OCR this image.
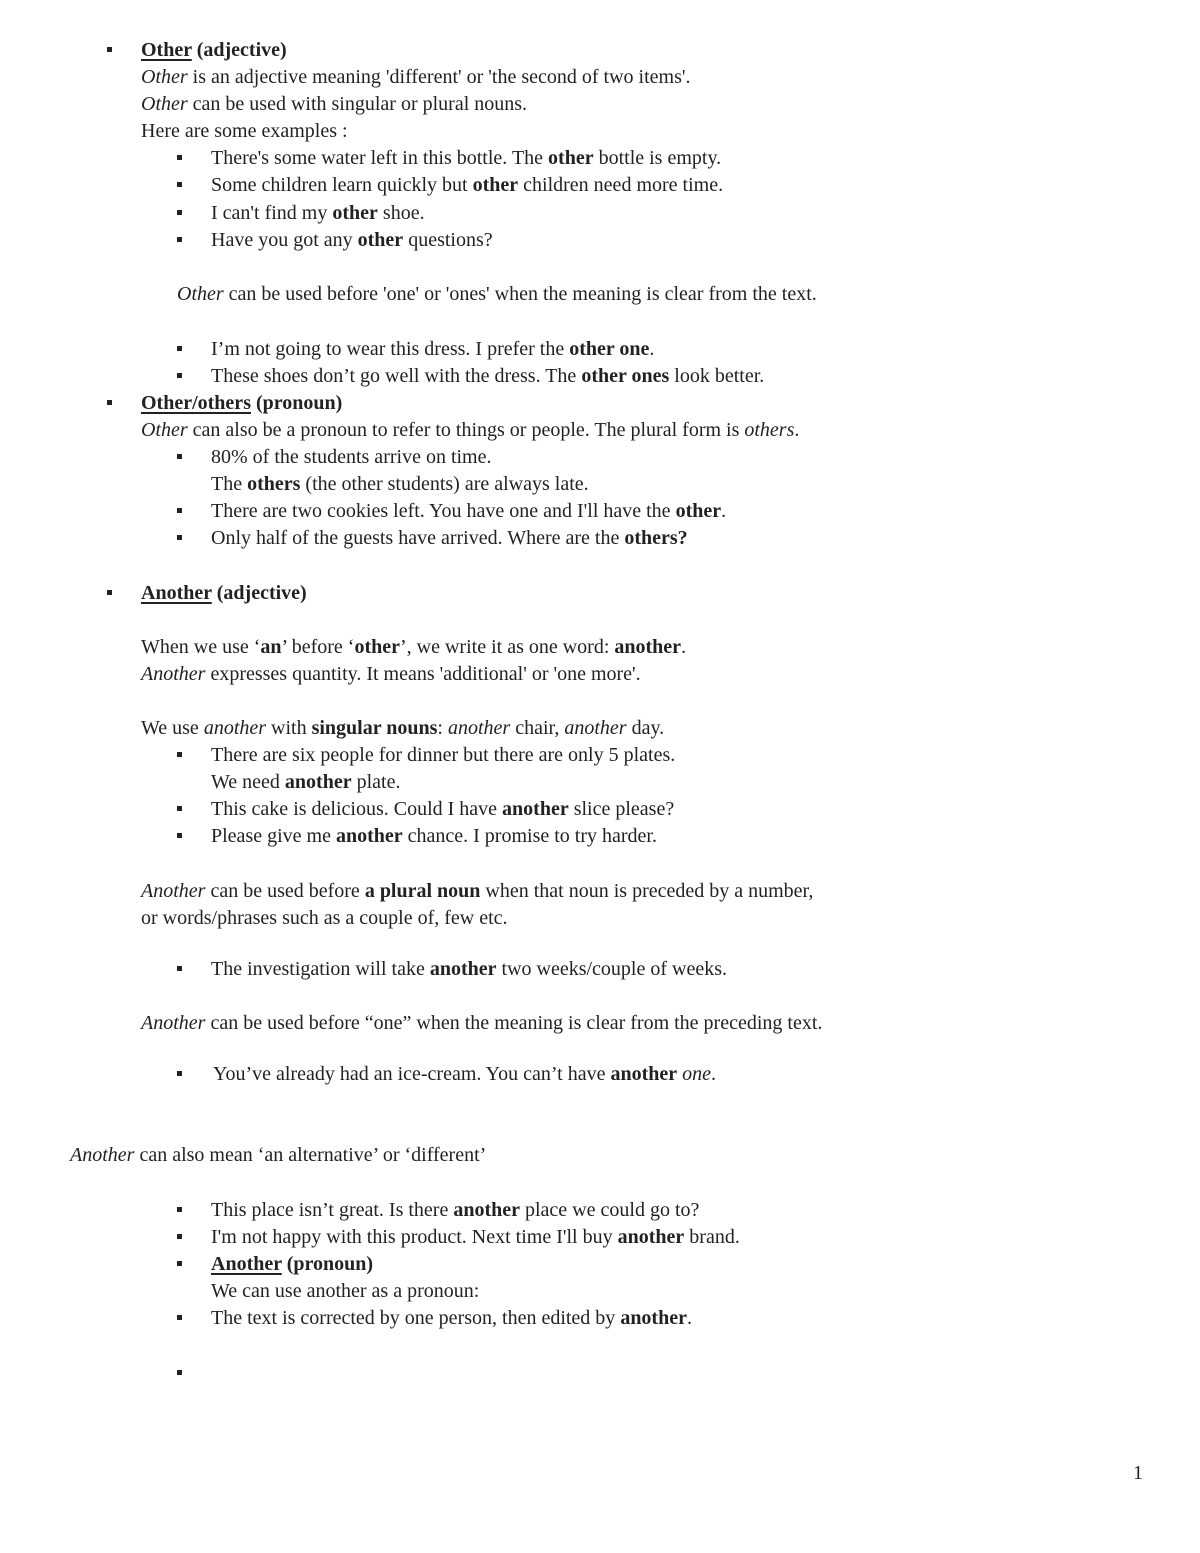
Other (adjective)
Other is an adjective meaning 'different' or 'the second of two items'.
Other can be used with singular or plural nouns.
Here are some examples :
There's some water left in this bottle. The other bottle is empty.
Some children learn quickly but other children need more time.
I can't find my other shoe.
Have you got any other questions?
Other can be used before 'one' or 'ones' when the meaning is clear from the text.
I’m not going to wear this dress. I prefer the other one.
These shoes don’t go well with the dress. The other ones look better.
Other/others (pronoun)
Other can also be a pronoun to refer to things or people. The plural form is others.
80% of the students arrive on time.
The others (the other students) are always late.
There are two cookies left. You have one and I'll have the other.
Only half of the guests have arrived. Where are the others?
Another (adjective)
When we use ‘an’ before ‘other’, we write it as one word: another.
Another expresses quantity. It means 'additional' or 'one more'.
We use another with singular nouns: another chair, another day.
There are six people for dinner but there are only 5 plates.
We need another plate.
This cake is delicious. Could I have another slice please?
Please give me another chance. I promise to try harder.
Another can be used before a plural noun when that noun is preceded by a number,
or words/phrases such as a couple of, few etc.
The investigation will take another two weeks/couple of weeks.
Another can be used before “one” when the meaning is clear from the preceding text.
You’ve already had an ice-cream. You can’t have another one.
Another can also mean ‘an alternative’ or ‘different’
This place isn’t great. Is there another place we could go to?
I'm not happy with this product. Next time I'll buy another brand.
Another (pronoun)
We can use another as a pronoun:
The text is corrected by one person, then edited by another.
1
